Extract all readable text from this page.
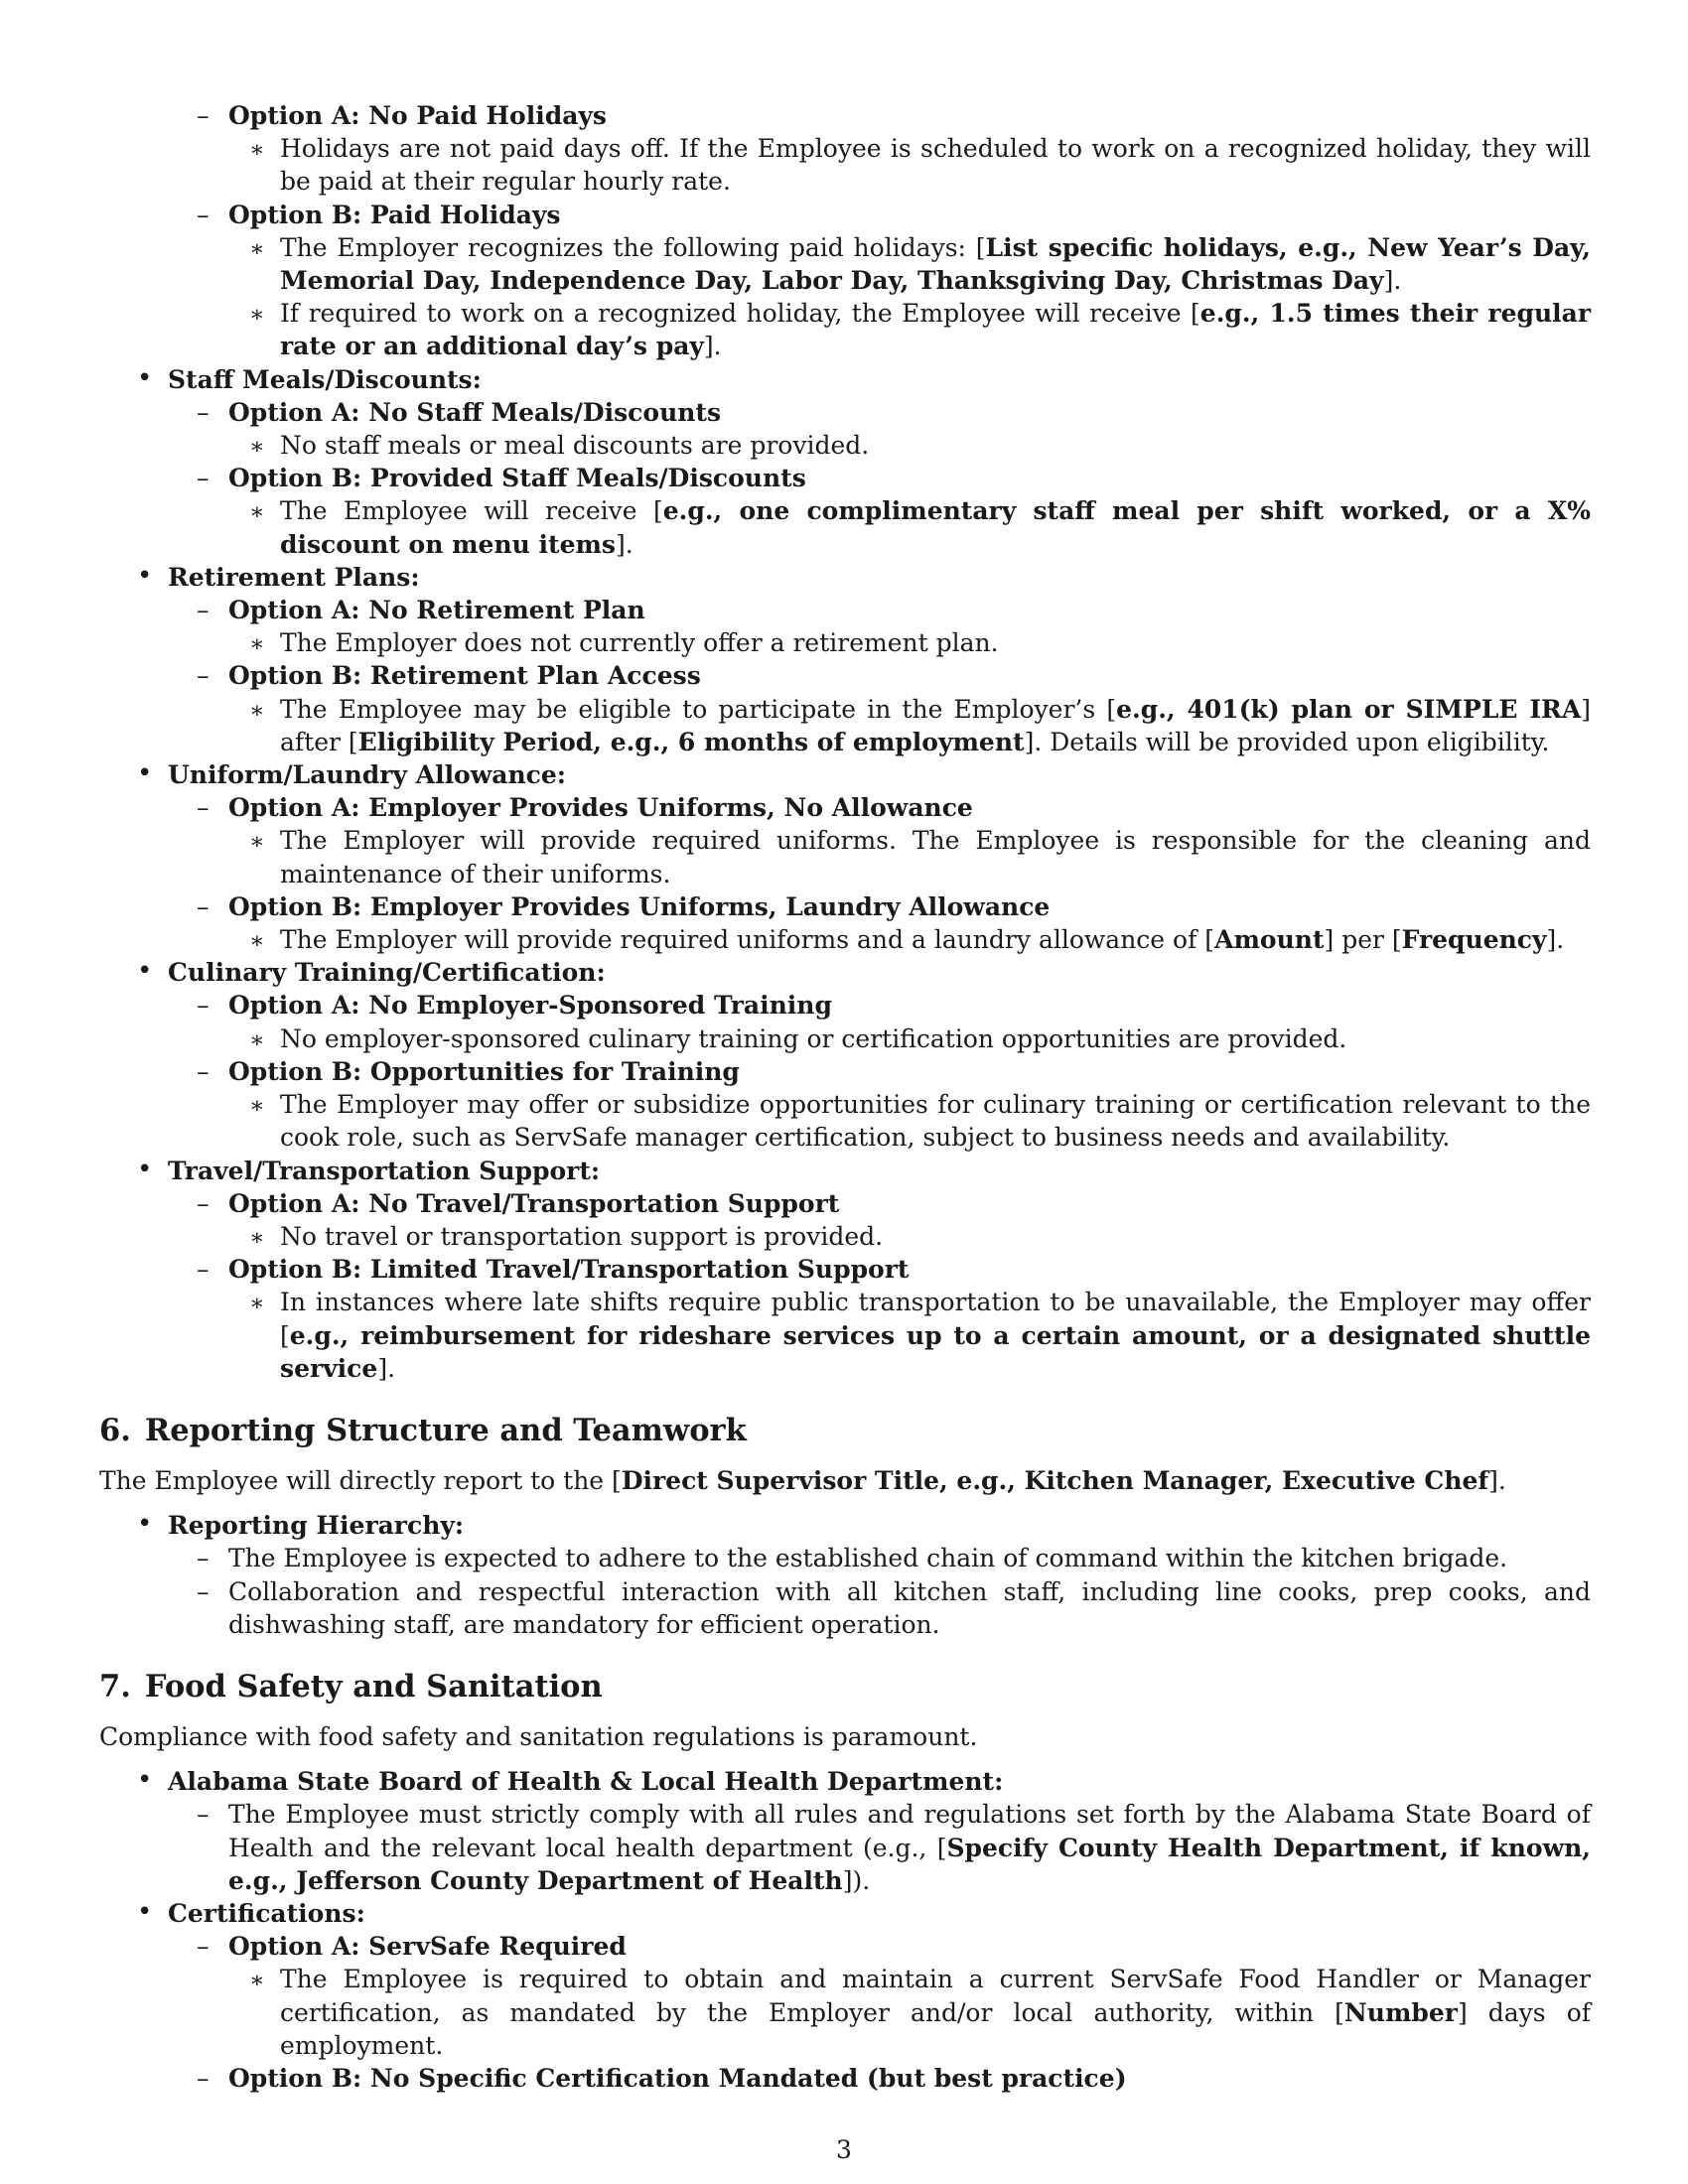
– Option A: No Paid Holidays
∗ Holidays are not paid days off. If the Employee is scheduled to work on a recognized holiday, they will be paid at their regular hourly rate.
– Option B: Paid Holidays
∗ The Employer recognizes the following paid holidays: [List specific holidays, e.g., New Year’s Day, Memorial Day, Independence Day, Labor Day, Thanksgiving Day, Christmas Day].
∗ If required to work on a recognized holiday, the Employee will receive [e.g., 1.5 times their regular rate or an additional day’s pay].
• Staff Meals/Discounts:
– Option A: No Staff Meals/Discounts
∗ No staff meals or meal discounts are provided.
– Option B: Provided Staff Meals/Discounts
∗ The Employee will receive [e.g., one complimentary staff meal per shift worked, or a X% discount on menu items].
• Retirement Plans:
– Option A: No Retirement Plan
∗ The Employer does not currently offer a retirement plan.
– Option B: Retirement Plan Access
∗ The Employee may be eligible to participate in the Employer’s [e.g., 401(k) plan or SIMPLE IRA] after [Eligibility Period, e.g., 6 months of employment]. Details will be provided upon eligibility.
• Uniform/Laundry Allowance:
– Option A: Employer Provides Uniforms, No Allowance
∗ The Employer will provide required uniforms. The Employee is responsible for the cleaning and maintenance of their uniforms.
– Option B: Employer Provides Uniforms, Laundry Allowance
∗ The Employer will provide required uniforms and a laundry allowance of [Amount] per [Frequency].
• Culinary Training/Certification:
– Option A: No Employer-Sponsored Training
∗ No employer-sponsored culinary training or certification opportunities are provided.
– Option B: Opportunities for Training
∗ The Employer may offer or subsidize opportunities for culinary training or certification relevant to the cook role, such as ServSafe manager certification, subject to business needs and availability.
• Travel/Transportation Support:
– Option A: No Travel/Transportation Support
∗ No travel or transportation support is provided.
– Option B: Limited Travel/Transportation Support
∗ In instances where late shifts require public transportation to be unavailable, the Employer may offer [e.g., reimbursement for rideshare services up to a certain amount, or a designated shuttle service].
6. Reporting Structure and Teamwork

The Employee will directly report to the [Direct Supervisor Title, e.g., Kitchen Manager, Executive Chef].

• Reporting Hierarchy:
– The Employee is expected to adhere to the established chain of command within the kitchen brigade.
– Collaboration and respectful interaction with all kitchen staff, including line cooks, prep cooks, and dishwashing staff, are mandatory for efficient operation.
7. Food Safety and Sanitation

Compliance with food safety and sanitation regulations is paramount.

• Alabama State Board of Health & Local Health Department:
– The Employee must strictly comply with all rules and regulations set forth by the Alabama State Board of Health and the relevant local health department (e.g., [Specify County Health Department, if known, e.g., Jefferson County Department of Health]).
• Certifications:
– Option A: ServSafe Required
∗ The Employee is required to obtain and maintain a current ServSafe Food Handler or Manager certification, as mandated by the Employer and/or local authority, within [Number] days of employment.
– Option B: No Specific Certification Mandated (but best practice)
3
